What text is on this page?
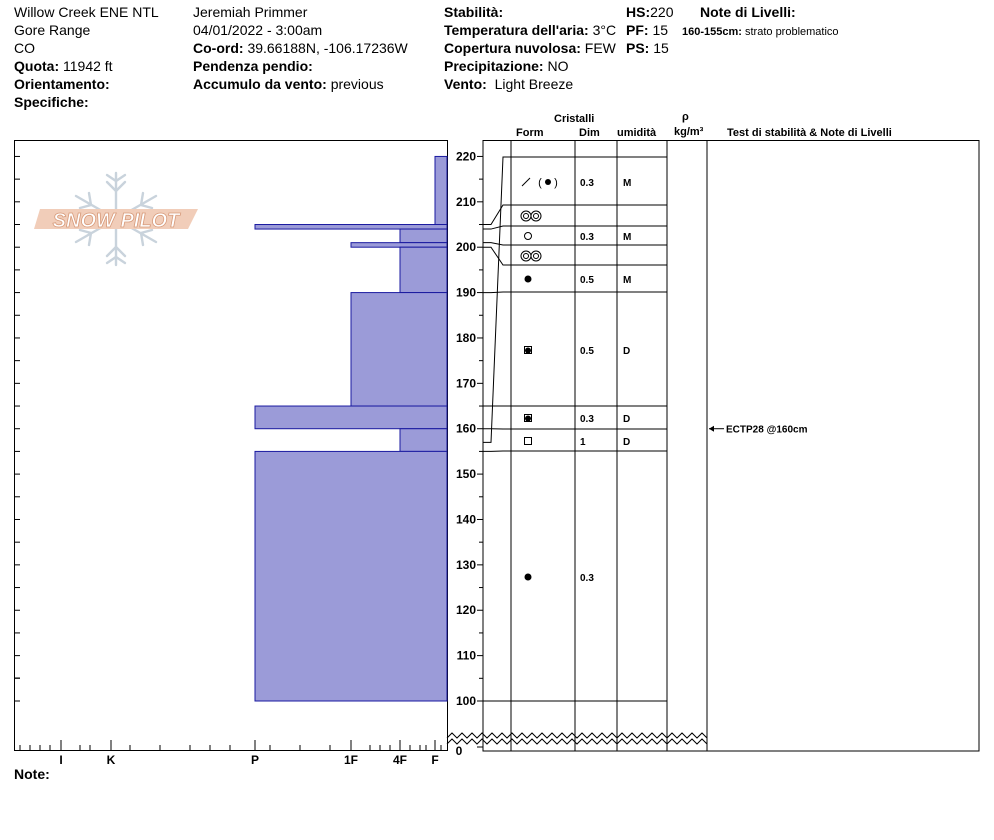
Willow Creek ENE NTL
Gore Range
CO
Quota: 11942 ft
Orientamento:
Specifiche:
Jeremiah Primmer
04/01/2022 - 3:00am
Co-ord: 39.66188N, -106.17236W
Pendenza pendio:
Accumulo da vento: previous
Stabilità:
Temperatura dell'aria: 3°C
Copertura nuvolosa: FEW
Precipitazione: NO
Vento: Light Breeze
HS:220
PF: 15
PS: 15
Note di Livelli:
160-155cm: strato problematico
Cristalli
Form	Dim umidità
ρ
kg/m³ Test di stabilità & Note di Livelli
SNOW PILOT
I	K	P	1F	4F F
100
110
120
130
140
150
160
170
180
190
200
210
220
0
( ) 0.3	M
0.3	M
0.5	M
0.5	D
0.3	D
1	D
0.3
ECTP28 @160cm
Note:
